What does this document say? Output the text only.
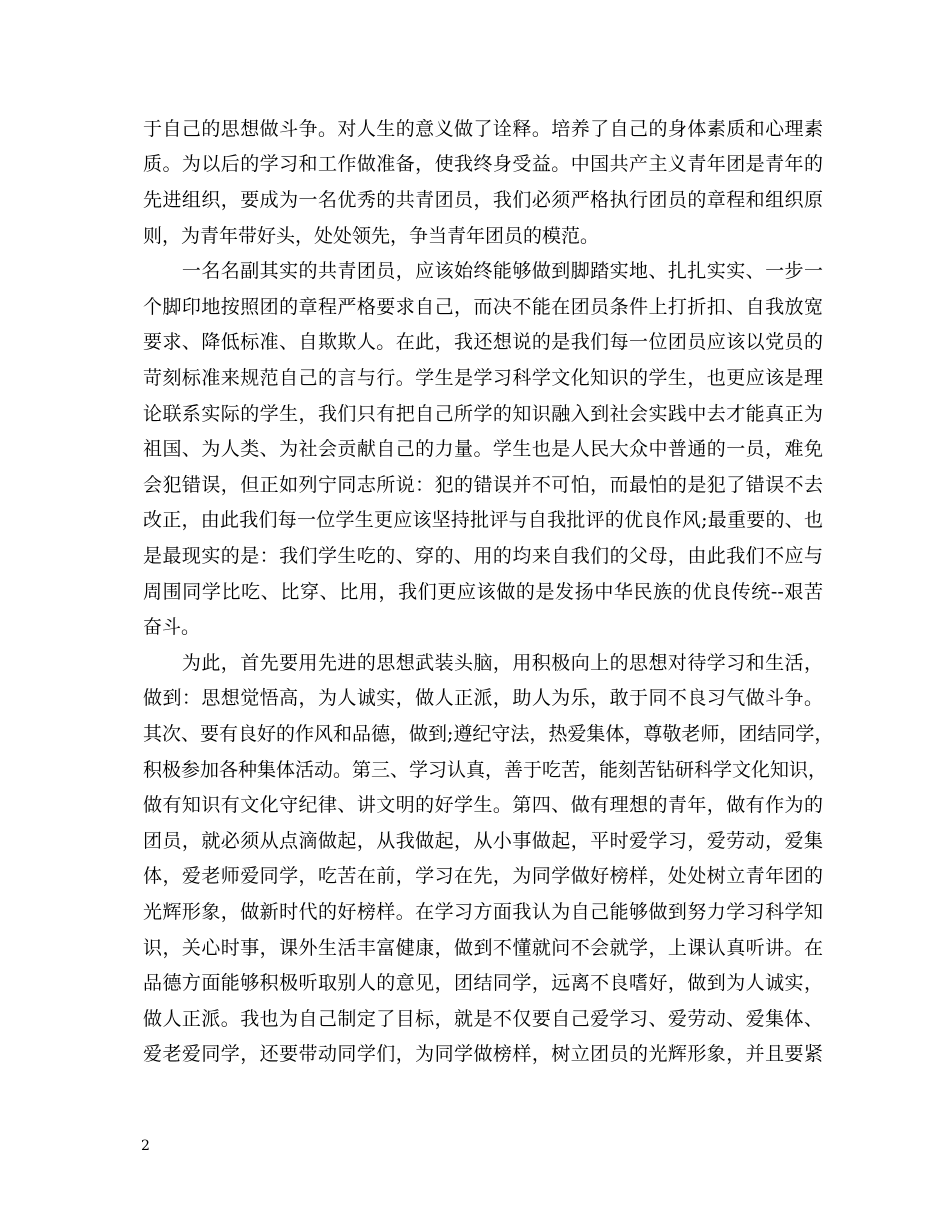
于自己的思想做斗争。对人生的意义做了诠释。培养了自己的身体素质和心理素
质。为以后的学习和工作做准备，使我终身受益。中国共产主义青年团是青年的
先进组织，要成为一名优秀的共青团员，我们必须严格执行团员的章程和组织原
则，为青年带好头，处处领先，争当青年团员的模范。
　　一名名副其实的共青团员，应该始终能够做到脚踏实地、扎扎实实、一步一
个脚印地按照团的章程严格要求自己，而决不能在团员条件上打折扣、自我放宽
要求、降低标准、自欺欺人。在此，我还想说的是我们每一位团员应该以党员的
苛刻标准来规范自己的言与行。学生是学习科学文化知识的学生，也更应该是理
论联系实际的学生，我们只有把自己所学的知识融入到社会实践中去才能真正为
祖国、为人类、为社会贡献自己的力量。学生也是人民大众中普通的一员，难免
会犯错误，但正如列宁同志所说：犯的错误并不可怕，而最怕的是犯了错误不去
改正，由此我们每一位学生更应该坚持批评与自我批评的优良作风;最重要的、也
是最现实的是：我们学生吃的、穿的、用的均来自我们的父母，由此我们不应与
周围同学比吃、比穿、比用，我们更应该做的是发扬中华民族的优良传统--艰苦
奋斗。
　　为此，首先要用先进的思想武装头脑，用积极向上的思想对待学习和生活，
做到：思想觉悟高，为人诚实，做人正派，助人为乐，敢于同不良习气做斗争。
其次、要有良好的作风和品德，做到;遵纪守法，热爱集体，尊敬老师，团结同学，
积极参加各种集体活动。第三、学习认真，善于吃苦，能刻苦钻研科学文化知识，
做有知识有文化守纪律、讲文明的好学生。第四、做有理想的青年，做有作为的
团员，就必须从点滴做起，从我做起，从小事做起，平时爱学习，爱劳动，爱集
体，爱老师爱同学，吃苦在前，学习在先，为同学做好榜样，处处树立青年团的
光辉形象，做新时代的好榜样。在学习方面我认为自己能够做到努力学习科学知
识，关心时事，课外生活丰富健康，做到不懂就问不会就学，上课认真听讲。在
品德方面能够积极听取别人的意见，团结同学，远离不良嗜好，做到为人诚实，
做人正派。我也为自己制定了目标，就是不仅要自己爱学习、爱劳动、爱集体、
爱老爱同学，还要带动同学们，为同学做榜样，树立团员的光辉形象，并且要紧
2
